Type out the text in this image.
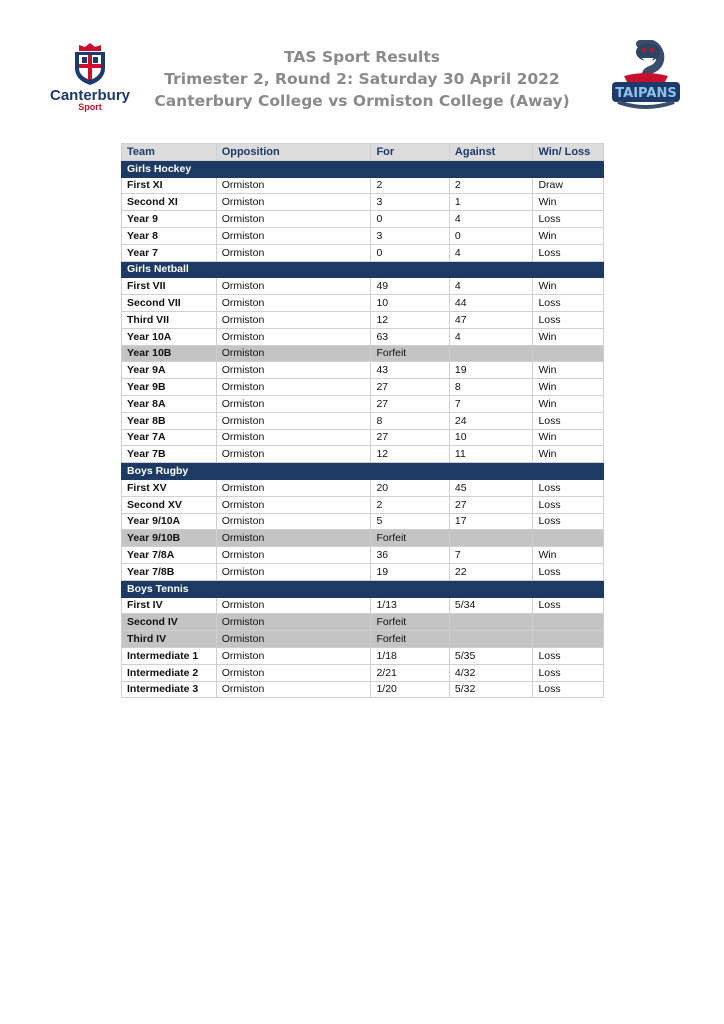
Canterbury
Sport
TAIPANS
TAS Sport Results
Trimester 2, Round 2: Saturday 30 April 2022
Canterbury College vs Ormiston College (Away)
Team	Opposition	For	Against	Win/ Loss
Girls Hockey				
First XI	Ormiston	2	2	Draw
Second XI	Ormiston	3	1	Win
Year 9	Ormiston	0	4	Loss
Year 8	Ormiston	3	0	Win
Year 7	Ormiston	0	4	Loss
Girls Netball				
First VII	Ormiston	49	4	Win
Second VII	Ormiston	10	44	Loss
Third VII	Ormiston	12	47	Loss
Year 10A	Ormiston	63	4	Win
Year 10B	Ormiston	Forfeit		
Year 9A	Ormiston	43	19	Win
Year 9B	Ormiston	27	8	Win
Year 8A	Ormiston	27	7	Win
Year 8B	Ormiston	8	24	Loss
Year 7A	Ormiston	27	10	Win
Year 7B	Ormiston	12	11	Win
Boys Rugby				
First XV	Ormiston	20	45	Loss
Second XV	Ormiston	2	27	Loss
Year 9/10A	Ormiston	5	17	Loss
Year 9/10B	Ormiston	Forfeit		
Year 7/8A	Ormiston	36	7	Win
Year 7/8B	Ormiston	19	22	Loss
Boys Tennis				
First IV	Ormiston	1/13	5/34	Loss
Second IV	Ormiston	Forfeit		
Third IV	Ormiston	Forfeit		
Intermediate 1	Ormiston	1/18	5/35	Loss
Intermediate 2	Ormiston	2/21	4/32	Loss
Intermediate 3	Ormiston	1/20	5/32	Loss
